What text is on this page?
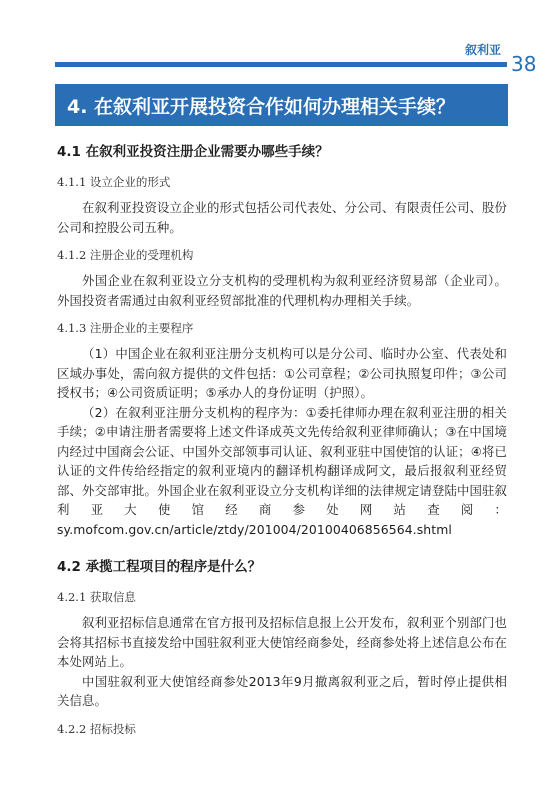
叙利亚
38
4. 在叙利亚开展投资合作如何办理相关手续？
4.1 在叙利亚投资注册企业需要办哪些手续？
4.1.1 设立企业的形式

在叙利亚投资设立企业的形式包括公司代表处、分公司、有限责任公司、股份公司和控股公司五种。

4.1.2 注册企业的受理机构

外国企业在叙利亚设立分支机构的受理机构为叙利亚经济贸易部（企业司）。外国投资者需通过由叙利亚经贸部批准的代理机构办理相关手续。

4.1.3 注册企业的主要程序

（1）中国企业在叙利亚注册分支机构可以是分公司、临时办公室、代表处和区域办事处，需向叙方提供的文件包括：①公司章程；②公司执照复印件；③公司授权书；④公司资质证明；⑤承办人的身份证明（护照）。

（2）在叙利亚注册分支机构的程序为：①委托律师办理在叙利亚注册的相关手续；②申请注册者需要将上述文件译成英文先传给叙利亚律师确认；③在中国境内经过中国商会公证、中国外交部领事司认证、叙利亚驻中国使馆的认证；④将已认证的文件传给经指定的叙利亚境内的翻译机构翻译成阿文，最后报叙利亚经贸部、外交部审批。外国企业在叙利亚设立分支机构详细的法律规定请登陆中国驻叙利亚大使馆经商参处网站查阅：sy.mofcom.gov.cn/article/ztdy/201004/20100406856564.shtml

4.2 承揽工程项目的程序是什么？
4.2.1 获取信息

叙利亚招标信息通常在官方报刊及招标信息报上公开发布，叙利亚个别部门也会将其招标书直接发给中国驻叙利亚大使馆经商参处，经商参处将上述信息公布在本处网站上。

中国驻叙利亚大使馆经商参处2013年9月撤离叙利亚之后，暂时停止提供相关信息。

4.2.2 招标投标
